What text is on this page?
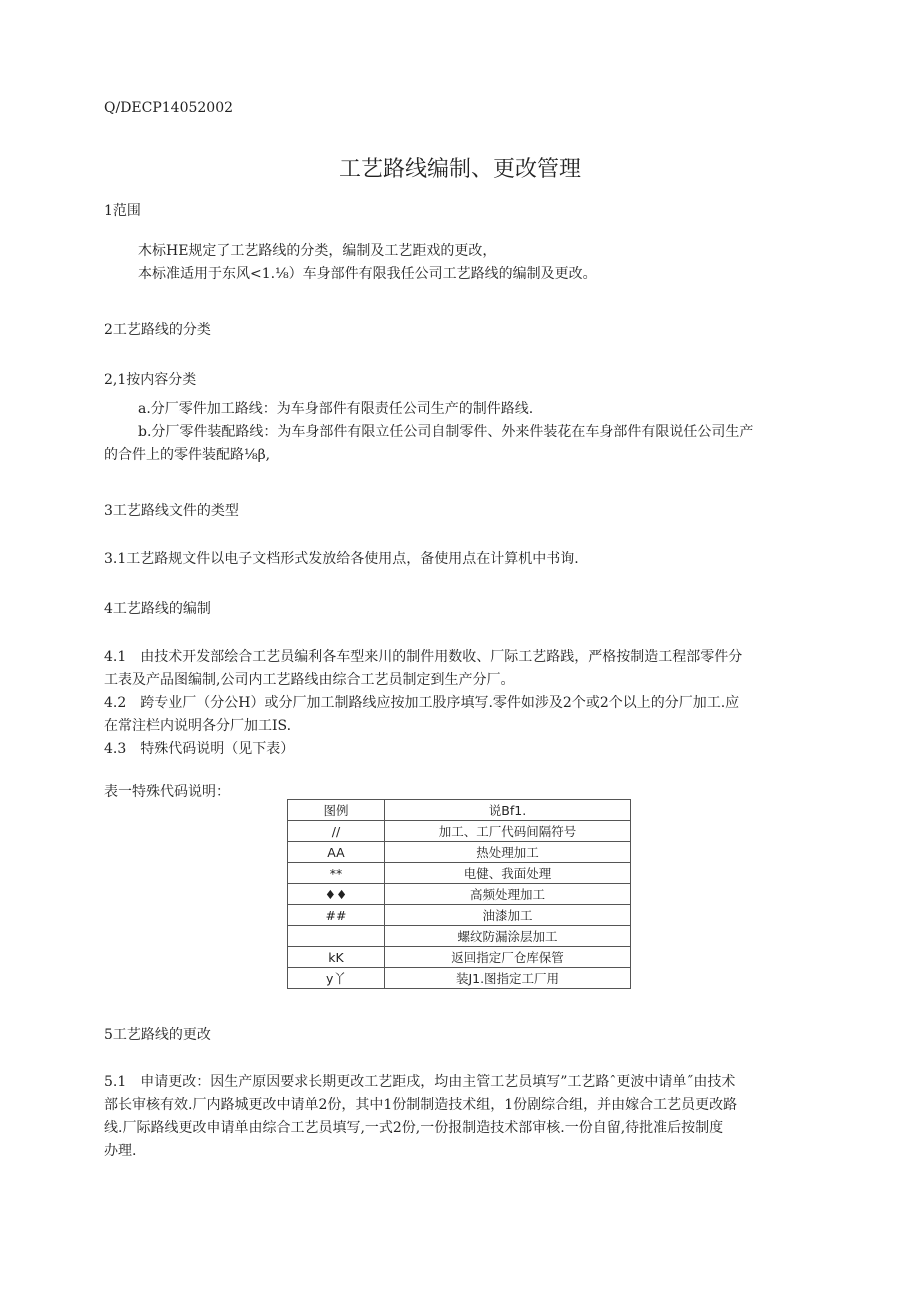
Q/DECP14052002
工艺路线编制、更改管理
1范围
木标HE规定了工艺路线的分类，编制及工艺距戏的更改，
本标准适用于东风<1.⅛）车身部件有限我任公司工艺路线的编制及更改。
2工艺路线的分类
2,1按内容分类
a.分厂零件加工路线：为车身部件有限责任公司生产的制件路线.
b.分厂零件装配路线：为车身部件有限立任公司自制零件、外来件装花在车身部件有限说任公司生产
的合件上的零件装配路⅛β,
3工艺路线文件的类型
3.1工艺路规文件以电子文档形式发放给各使用点，备使用点在计算机中书询.
4工艺路线的编制
4.1　由技术开发部绘合工艺员编利各车型来川的制件用数收、厂际工艺路践，严格按制造工程部零件分
工表及产品图编制,公司内工艺路线由综合工艺员制定到生产分厂。
4.2　跨专业厂（分公H）或分厂加工制路线应按加工股序填写.零件如涉及2个或2个以上的分厂加工.应
在常注栏内说明各分厂加工IS.
4.3　特殊代码说明（见下表）
表一特殊代码说明：
图例	说Bf1.
//	加工、工厂代码间隔符号
AA	热处理加工
**	电健、我面处理
♦♦	高频处理加工
##	油漆加工
	螺纹防漏涂层加工
kK	返回指定厂仓库保管
y丫	装J1.图指定工厂用
5工艺路线的更改
5.1　申请更改：因生产原因要求长期更改工艺距戌，均由主管工艺员填写”工艺路ˆ更波中请单˝由技术
部长审核有效.厂内路城更改中请单2份，其中1份制制造技术组，1份剧综合组，并由嫁合工艺员更改路
线.厂际路线更改申请单由综合工艺员填写,一式2份,一份报制造技术部审核.一份自留,待批准后按制度
办理.
